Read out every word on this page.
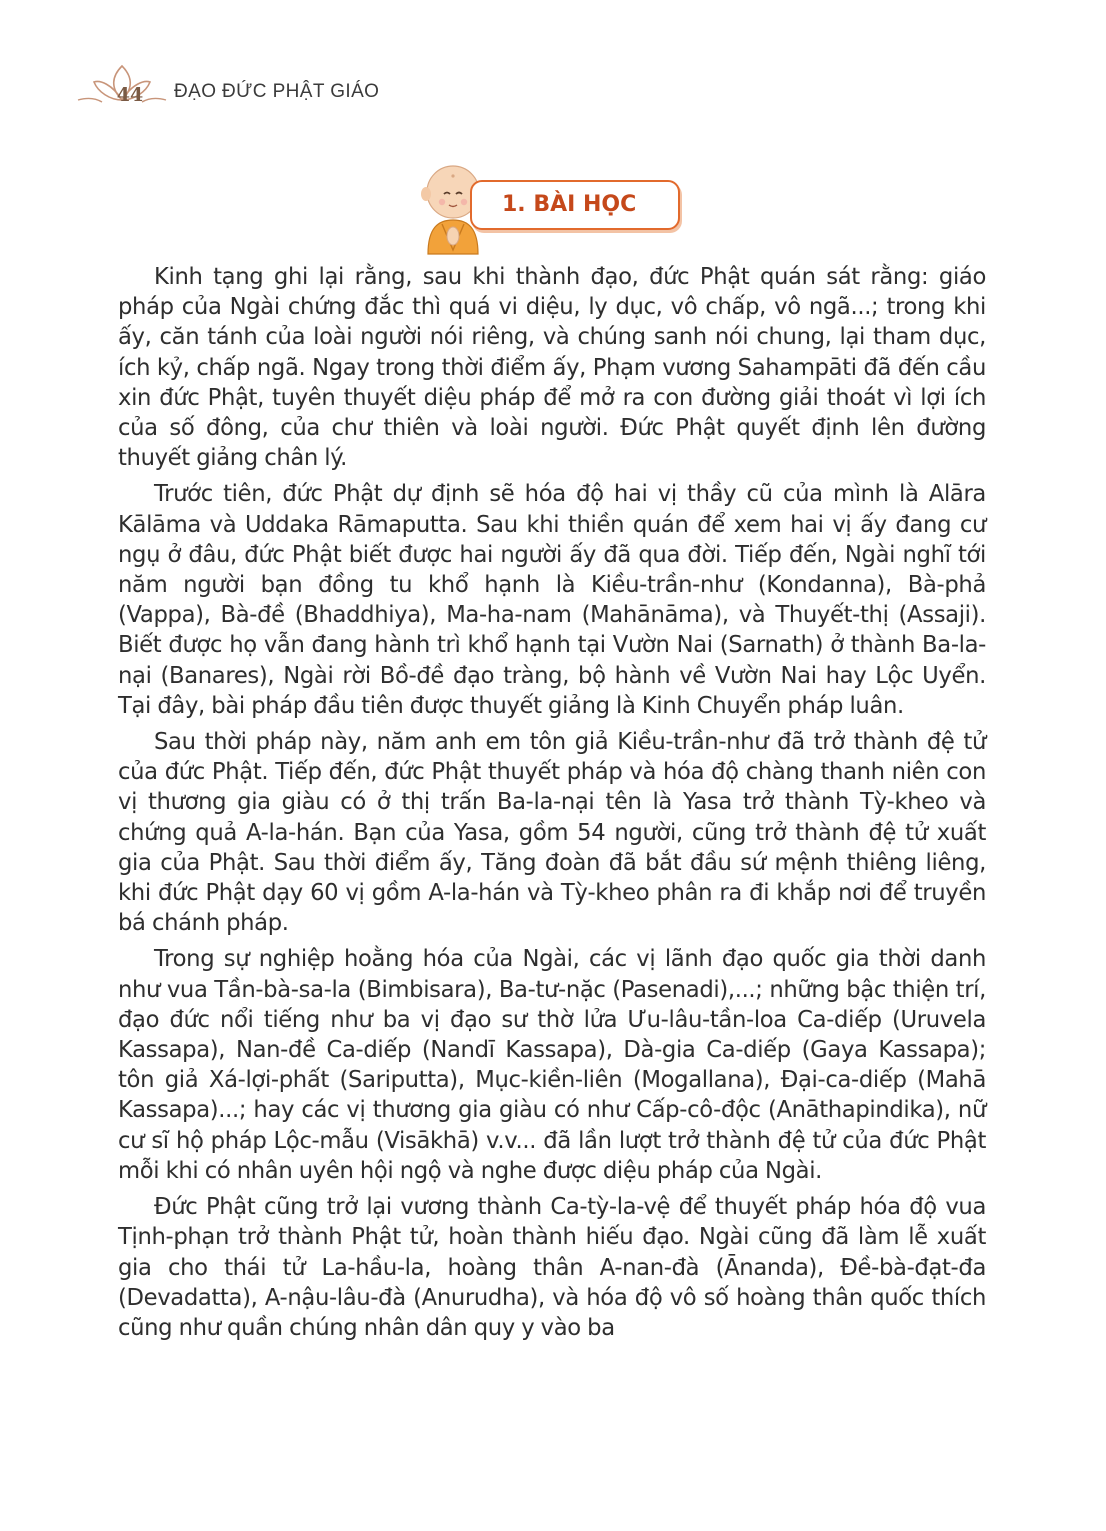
44 ĐẠO ĐỨC PHẬT GIÁO
1. BÀI HỌC

Kinh tạng ghi lại rằng, sau khi thành đạo, đức Phật quán sát rằng: giáo pháp của Ngài chứng đắc thì quá vi diệu, ly dục, vô chấp, vô ngã...; trong khi ấy, căn tánh của loài người nói riêng, và chúng sanh nói chung, lại tham dục, ích kỷ, chấp ngã. Ngay trong thời điểm ấy, Phạm vương Sahampāti đã đến cầu xin đức Phật, tuyên thuyết diệu pháp để mở ra con đường giải thoát vì lợi ích của số đông, của chư thiên và loài người. Đức Phật quyết định lên đường thuyết giảng chân lý.

Trước tiên, đức Phật dự định sẽ hóa độ hai vị thầy cũ của mình là Alāra Kālāma và Uddaka Rāmaputta. Sau khi thiền quán để xem hai vị ấy đang cư ngụ ở đâu, đức Phật biết được hai người ấy đã qua đời. Tiếp đến, Ngài nghĩ tới năm người bạn đồng tu khổ hạnh là Kiều-trần-như (Kondanna), Bà-phả (Vappa), Bà-đề (Bhaddhiya), Ma-ha-nam (Mahānāma), và Thuyết-thị (Assaji). Biết được họ vẫn đang hành trì khổ hạnh tại Vườn Nai (Sarnath) ở thành Ba-la-nại (Banares), Ngài rời Bồ-đề đạo tràng, bộ hành về Vườn Nai hay Lộc Uyển. Tại đây, bài pháp đầu tiên được thuyết giảng là Kinh Chuyển pháp luân.

Sau thời pháp này, năm anh em tôn giả Kiều-trần-như đã trở thành đệ tử của đức Phật. Tiếp đến, đức Phật thuyết pháp và hóa độ chàng thanh niên con vị thương gia giàu có ở thị trấn Ba-la-nại tên là Yasa trở thành Tỳ-kheo và chứng quả A-la-hán. Bạn của Yasa, gồm 54 người, cũng trở thành đệ tử xuất gia của Phật. Sau thời điểm ấy, Tăng đoàn đã bắt đầu sứ mệnh thiêng liêng, khi đức Phật dạy 60 vị gồm A-la-hán và Tỳ-kheo phân ra đi khắp nơi để truyền bá chánh pháp.

Trong sự nghiệp hoằng hóa của Ngài, các vị lãnh đạo quốc gia thời danh như vua Tần-bà-sa-la (Bimbisara), Ba-tư-nặc (Pasenadi),...; những bậc thiện trí, đạo đức nổi tiếng như ba vị đạo sư thờ lửa Ưu-lâu-tần-loa Ca-diếp (Uruvela Kassapa), Nan-đề Ca-diếp (Nandī Kassapa), Dà-gia Ca-diếp (Gaya Kassapa); tôn giả Xá-lợi-phất (Sariputta), Mục-kiền-liên (Mogallana), Đại-ca-diếp (Mahā Kassapa)...; hay các vị thương gia giàu có như Cấp-cô-độc (Anāthapindika), nữ cư sĩ hộ pháp Lộc-mẫu (Visākhā) v.v... đã lần lượt trở thành đệ tử của đức Phật mỗi khi có nhân uyên hội ngộ và nghe được diệu pháp của Ngài.

Đức Phật cũng trở lại vương thành Ca-tỳ-la-vệ để thuyết pháp hóa độ vua Tịnh-phạn trở thành Phật tử, hoàn thành hiếu đạo. Ngài cũng đã làm lễ xuất gia cho thái tử La-hầu-la, hoàng thân A-nan-đà (Ānanda), Đề-bà-đạt-đa (Devadatta), A-nậu-lâu-đà (Anurudha), và hóa độ vô số hoàng thân quốc thích cũng như quần chúng nhân dân quy y vào ba
